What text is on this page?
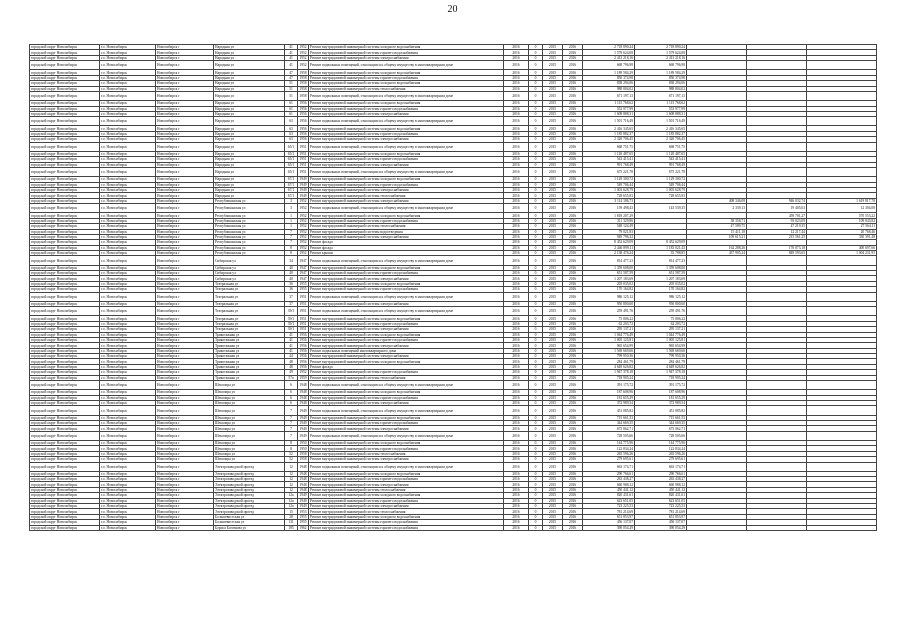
20
городской округ Новосибирск	г.о. Новосибирск	Новосибирск г	Народная ул	41	1952	Ремонт внутридомовой инженерной системы холодного водоснабжения	2016	0	2015	2016	2 718 890,24	2 718 890,24			
городской округ Новосибирск	г.о. Новосибирск	Новосибирск г	Народная ул	41	1952	Ремонт внутридомовой инженерной системы горячего водоснабжения	2016	0	2015	2016	1 579 624,08	1 579 624,08			
городской округ Новосибирск	г.о. Новосибирск	Новосибирск г	Народная ул	41	1952	Ремонт внутридомовой инженерной системы электроснабжения	2016	0	2015	2016	2 413 218,16	2 413 218,16			
городской округ Новосибирск	г.о. Новосибирск	Новосибирск г	Народная ул	41	1952	Ремонт подвальных помещений, относящихся к общему имуществу в многоквартирном доме	2016	0	2015	2016	668 796,98	668 796,98			
городской округ Новосибирск	г.о. Новосибирск	Новосибирск г	Народная ул	47	1958	Ремонт внутридомовой инженерной системы холодного водоснабжения	2016	0	2015	2016	1 189 584,29	1 189 584,29			
городской округ Новосибирск	г.о. Новосибирск	Новосибирск г	Народная ул	47	1958	Ремонт внутридомовой инженерной системы горячего водоснабжения	2016	0	2015	2016	850 374,98	850 374,98			
городской округ Новосибирск	г.о. Новосибирск	Новосибирск г	Народная ул	51	1958	Ремонт внутридомовой инженерной системы холодного водоснабжения	2016	0	2015	2016	838 294,06	838 294,06			
городской округ Новосибирск	г.о. Новосибирск	Новосибирск г	Народная ул	51	1958	Ремонт внутридомовой инженерной системы теплоснабжения	2016	0	2015	2016	988 804,02	988 804,02			
городской округ Новосибирск	г.о. Новосибирск	Новосибирск г	Народная ул	51	1958	Ремонт подвальных помещений, относящихся к общему имуществу в многоквартирном доме	2016	0	2015	2016	671 197,13	671 197,13			
городской округ Новосибирск	г.о. Новосибирск	Новосибирск г	Народная ул	61	1956	Ремонт внутридомовой инженерной системы холодного водоснабжения	2016	0	2015	2016	1 115 768,62	1 115 768,62			
городской округ Новосибирск	г.о. Новосибирск	Новосибирск г	Народная ул	61	1956	Ремонт внутридомовой инженерной системы горячего водоснабжения	2016	0	2015	2016	553 977,99	553 977,99			
городской округ Новосибирск	г.о. Новосибирск	Новосибирск г	Народная ул	61	1956	Ремонт внутридомовой инженерной системы электроснабжения	2016	0	2015	2016	1 608 888,31	1 608 888,31			
городской округ Новосибирск	г.о. Новосибирск	Новосибирск г	Народная ул	63	1956	Ремонт подвальных помещений, относящихся к общему имуществу в многоквартирном доме	2016	0	2015	2016	1 501 716,49	1 501 716,49			
городской округ Новосибирск	г.о. Новосибирск	Новосибирск г	Народная ул	63	1956	Ремонт внутридомовой инженерной системы холодного водоснабжения	2016	0	2015	2016	2 416 345,65	2 416 345,65			
городской округ Новосибирск	г.о. Новосибирск	Новосибирск г	Народная ул	63	1956	Ремонт внутридомовой инженерной системы горячего водоснабжения	2016	0	2015	2016	1 185 882,37	1 185 882,37			
городской округ Новосибирск	г.о. Новосибирск	Новосибирск г	Народная ул	63	1956	Ремонт внутридомовой инженерной системы электроснабжения	2016	0	2015	2016	2 320 706,45	2 320 706,45			
городской округ Новосибирск	г.о. Новосибирск	Новосибирск г	Народная ул	65/1	1951	Ремонт подвальных помещений, относящихся к общему имуществу в многоквартирном доме	2016	0	2015	2016	668 751,75	668 751,75			
городской округ Новосибирск	г.о. Новосибирск	Новосибирск г	Народная ул	65/1	1951	Ремонт внутридомовой инженерной системы холодного водоснабжения	2016	0	2015	2016	1 120 487,65	1 120 487,65			
городской округ Новосибирск	г.о. Новосибирск	Новосибирск г	Народная ул	65/1	1951	Ремонт внутридомовой инженерной системы горячего водоснабжения	2016	0	2015	2016	543 415,41	543 415,41			
городской округ Новосибирск	г.о. Новосибирск	Новосибирск г	Народная ул	65/1	1951	Ремонт внутридомовой инженерной системы электроснабжения	2016	0	2015	2016	991 768,49	991 768,49			
городской округ Новосибирск	г.о. Новосибирск	Новосибирск г	Народная ул	65/1	1951	Ремонт подвальных помещений, относящихся к общему имуществу в многоквартирном доме	2016	0	2015	2016	675 221,78	675 221,78			
городской округ Новосибирск	г.о. Новосибирск	Новосибирск г	Народная ул	67/1	1949	Ремонт внутридомовой инженерной системы холодного водоснабжения	2016	0	2015	2016	1 129 300,72	1 129 300,72			
городской округ Новосибирск	г.о. Новосибирск	Новосибирск г	Народная ул	67/1	1949	Ремонт внутридомовой инженерной системы горячего водоснабжения	2016	0	2015	2016	549 706,44	549 706,44			
городской округ Новосибирск	г.о. Новосибирск	Новосибирск г	Народная ул	67/1	1949	Ремонт внутридомовой инженерной системы электроснабжения	2016	0	2015	2016	1 003 628,79	1 003 628,79			
городской округ Новосибирск	г.о. Новосибирск	Новосибирск г	Народная ул	67/1	1949	Ремонт внутридомовой инженерной системы теплоснабжения	2016	0	2015	2016	728 655,93	728 655,93			
городской округ Новосибирск	г.о. Новосибирск	Новосибирск г	Республиканская ул	3	1952	Ремонт внутридомовой инженерной системы электроснабжения	2016	0	2015	2016	3 114 186,73		408 346,08	946 032,74	1 619 817,78
городской округ Новосибирск	г.о. Новосибирск	Новосибирск г	Республиканская ул	3	1952	Ремонт подвальных помещений, относящихся к общему имуществу в многоквартирном доме	2016	0	2015	2016	159 498,43	143 539,35	2 339,13	19 405,03	12 304,08
городской округ Новосибирск	г.о. Новосибирск	Новосибирск г	Республиканская ул	1	1952	Ремонт внутридомовой инженерной системы холодного водоснабжения	2016	0	2015	2016	1 818 207,29			459 701,27	570 553,22
городской округ Новосибирск	г.о. Новосибирск	Новосибирск г	Республиканская ул	1	1952	Ремонт внутридомовой инженерной системы горячего водоснабжения	2016	0	2015	2016	311 329,86		58 358,71	93 023,09	109 845,82
городской округ Новосибирск	г.о. Новосибирск	Новосибирск г	Республиканская ул	1	1952	Ремонт внутридомовой инженерной системы теплоснабжения	2016	0	2015	2016	548 124,49		47 589,75	47 219,35	27 564,11
городской округ Новосибирск	г.о. Новосибирск	Новосибирск г	Республиканская ул	7	1952	Ремонт внутридомовой инженерной системы водоотведения	2016	0	2015	2016	79 021,83		15 411,18	12 217,44	20 768,46
городской округ Новосибирск	г.о. Новосибирск	Новосибирск г	Республиканская ул	7	1952	Ремонт внутридомовой инженерной системы электроснабжения	2016	0	2015	2016	949 796,32		109 615,21	215 561,25	330 391,48
городской округ Новосибирск	г.о. Новосибирск	Новосибирск г	Республиканская ул	7	1952	Ремонт фасада	2016	0	2015	2016	8 452 629,09	8 452 629,09			
городской округ Новосибирск	г.о. Новосибирск	Новосибирск г	Республиканская ул	8	1952	Ремонт фасада	2016	0	2015	2016	2 446 899,11	1 183 021,43	162 288,26	176 073,18	400 697,66
городской округ Новосибирск	г.о. Новосибирск	Новосибирск г	Республиканская ул	8	1952	Ремонт крыши	2016	0	2015	2016	2 138 476,24	35 788,85	457 905,24	849 593,65	1 004 231,95
городской округ Новосибирск	г.о. Новосибирск	Новосибирск г	Сибирская ул	34	1947	Ремонт подвальных помещений, относящихся к общему имуществу в многоквартирном доме	2016	0	2015	2016	814 477,23	814 477,23			
городской округ Новосибирск	г.о. Новосибирск	Новосибирск г	Сибирская ул	40	1947	Ремонт внутридомовой инженерной системы холодного водоснабжения	2016	0	2015	2016	1 359 608,00	1 359 608,00			
городской округ Новосибирск	г.о. Новосибирск	Новосибирск г	Сибирская ул	40	1947	Ремонт внутридомовой инженерной системы горячего водоснабжения	2016	0	2015	2016	651 587,59	651 587,59			
городской округ Новосибирск	г.о. Новосибирск	Новосибирск г	Сибирская ул	40	1947	Ремонт внутридомовой инженерной системы электроснабжения	2016	0	2015	2016	1 207 183,69	1 207 183,69			
городской округ Новосибирск	г.о. Новосибирск	Новосибирск г	Театральная ул	36	1955	Ремонт внутридомовой инженерной системы холодного водоснабжения	2016	0	2015	2016	205 035,02	205 035,02			
городской округ Новосибирск	г.о. Новосибирск	Новосибирск г	Театральная ул	36	1955	Ремонт внутридомовой инженерной системы горячего водоснабжения	2016	0	2015	2016	170 164,82	170 164,82			
городской округ Новосибирск	г.о. Новосибирск	Новосибирск г	Театральная ул	37	1951	Ремонт подвальных помещений, относящихся к общему имуществу в многоквартирном доме	2016	0	2015	2016	986 125,12	986 125,12			
городской округ Новосибирск	г.о. Новосибирск	Новосибирск г	Театральная ул	37	1951	Ремонт внутридомовой инженерной системы электроснабжения	2016	0	2015	2016	950 800,60	950 800,60			
городской округ Новосибирск	г.о. Новосибирск	Новосибирск г	Театральная ул	39/1	1951	Ремонт подвальных помещений, относящихся к общему имуществу в многоквартирном доме	2016	0	2015	2016	259 491,76	259 491,76			
городской округ Новосибирск	г.о. Новосибирск	Новосибирск г	Театральная ул	39/1	1951	Ремонт внутридомовой инженерной системы холодного водоснабжения	2016	0	2015	2016	75 806,22	75 806,22			
городской округ Новосибирск	г.о. Новосибирск	Новосибирск г	Театральная ул	39/1	1951	Ремонт внутридомовой инженерной системы горячего водоснабжения	2016	0	2015	2016	62 203,72	62 203,72			
городской округ Новосибирск	г.о. Новосибирск	Новосибирск г	Театральная ул	39/1	1951	Ремонт внутридомовой инженерной системы электроснабжения	2016	0	2015	2016	295 137,21	295 137,21			
городской округ Новосибирск	г.о. Новосибирск	Новосибирск г	Трикотажная ул	41	1956	Ремонт внутридомовой инженерной системы холодного водоснабжения	2016	0	2015	2016	1 044 776,49	1 044 776,49			
городской округ Новосибирск	г.о. Новосибирск	Новосибирск г	Трикотажная ул	41	1956	Ремонт внутридомовой инженерной системы горячего водоснабжения	2016	0	2015	2016	1 005 125,81	1 005 125,81			
городской округ Новосибирск	г.о. Новосибирск	Новосибирск г	Трикотажная ул	41	1956	Ремонт внутридомовой инженерной системы электроснабжения	2016	0	2015	2016	965 654,99	965 654,99			
городской округ Новосибирск	г.о. Новосибирск	Новосибирск г	Трикотажная ул	41	1956	Ремонт подвальных помещений многоквартирного дома	2016	0	2015	2016	1 569 669,66	1 569 669,66			
городской округ Новосибирск	г.о. Новосибирск	Новосибирск г	Трикотажная ул	44	1956	Ремонт внутридомовой инженерной системы электроснабжения	2016	0	2015	2016	799 950,36	799 950,36			
городской округ Новосибирск	г.о. Новосибирск	Новосибирск г	Трикотажная ул	48	1956	Ремонт внутридомовой инженерной системы холодного водоснабжения	2016	0	2015	2016	284 461,79	284 461,79			
городской округ Новосибирск	г.о. Новосибирск	Новосибирск г	Трикотажная ул	48	1956	Ремонт фасада	2016	0	2015	2016	4 649 626,82	4 649 626,82			
городской округ Новосибирск	г.о. Новосибирск	Новосибирск г	Трикотажная ул	49	1952	Ремонт внутридомовой инженерной системы горячего водоснабжения	2016	0	2015	2016	1 947 378,18	1 947 378,18			
городской округ Новосибирск	г.о. Новосибирск	Новосибирск г	Трикотажная ул	57а	1959	Ремонт внутридомовой инженерной системы теплоснабжения	2016	0	2015	2016	718 905,24	718 905,24			
городской округ Новосибирск	г.о. Новосибирск	Новосибирск г	Шекспира ул	6	1948	Ремонт подвальных помещений, относящихся к общему имуществу в многоквартирном доме	2016	0	2015	2016	391 175,72	391 175,72			
городской округ Новосибирск	г.о. Новосибирск	Новосибирск г	Шекспира ул	6	1948	Ремонт внутридомовой инженерной системы холодного водоснабжения	2016	0	2015	2016	187 608,96	187 608,96			
городской округ Новосибирск	г.о. Новосибирск	Новосибирск г	Шекспира ул	6	1948	Ремонт внутридомовой инженерной системы горячего водоснабжения	2016	0	2015	2016	181 655,29	181 655,29			
городской округ Новосибирск	г.о. Новосибирск	Новосибирск г	Шекспира ул	6	1948	Ремонт внутридомовой инженерной системы электроснабжения	2016	0	2015	2016	372 989,54	372 989,54			
городской округ Новосибирск	г.о. Новосибирск	Новосибирск г	Шекспира ул	7	1949	Ремонт подвальных помещений, относящихся к общему имуществу в многоквартирном доме	2016	0	2015	2016	451 085,82	451 085,82			
городской округ Новосибирск	г.о. Новосибирск	Новосибирск г	Шекспира ул	7	1949	Ремонт внутридомовой инженерной системы холодного водоснабжения	2016	0	2015	2016	715 661,53	715 661,53			
городской округ Новосибирск	г.о. Новосибирск	Новосибирск г	Шекспира ул	7	1949	Ремонт внутридомовой инженерной системы горячего водоснабжения	2016	0	2015	2016	344 669,35	344 669,35			
городской округ Новосибирск	г.о. Новосибирск	Новосибирск г	Шекспира ул	7	1949	Ремонт внутридомовой инженерной системы электроснабжения	2016	0	2015	2016	675 062,71	675 062,71			
городской округ Новосибирск	г.о. Новосибирск	Новосибирск г	Шекспира ул	7	1949	Ремонт подвальных помещений, относящихся к общему имуществу в многоквартирном доме	2016	0	2015	2016	728 505,66	728 505,66			
городской округ Новосибирск	г.о. Новосибирск	Новосибирск г	Шекспира ул	8	1950	Ремонт внутридомовой инженерной системы холодного водоснабжения	2016	0	2015	2016	144 775,96	144 775,96			
городской округ Новосибирск	г.о. Новосибирск	Новосибирск г	Шекспира ул	8	1950	Ремонт внутридомовой инженерной системы горячего водоснабжения	2016	0	2015	2016	122 834,24	122 834,24			
городской округ Новосибирск	г.о. Новосибирск	Новосибирск г	Шекспира ул	52	1958	Ремонт внутридомовой инженерной системы теплоснабжения	2016	0	2015	2016	265 596,26	265 596,26			
городской округ Новосибирск	г.о. Новосибирск	Новосибирск г	Шекспира ул	52	1958	Ремонт внутридомовой инженерной системы электроснабжения	2016	0	2015	2016	279 695,61	279 695,61			
городской округ Новосибирск	г.о. Новосибирск	Новосибирск г	Электрозаводской проезд	12	1948	Ремонт подвальных помещений, относящихся к общему имуществу в многоквартирном доме	2016	0	2015	2016	663 174,71	663 174,71			
городской округ Новосибирск	г.о. Новосибирск	Новосибирск г	Электрозаводской проезд	12	1948	Ремонт внутридомовой инженерной системы холодного водоснабжения	2016	0	2015	2016	290 766,61	290 766,61			
городской округ Новосибирск	г.о. Новосибирск	Новосибирск г	Электрозаводской проезд	12	1948	Ремонт внутридомовой инженерной системы горячего водоснабжения	2016	0	2015	2016	263 438,27	263 438,27			
городской округ Новосибирск	г.о. Новосибирск	Новосибирск г	Электрозаводской проезд	12	1948	Ремонт внутридомовой инженерной системы электроснабжения	2016	0	2015	2016	660 988,12	660 988,12			
городской округ Новосибирск	г.о. Новосибирск	Новосибирск г	Электрозаводской проезд	12	1948	Ремонт внутридомовой инженерной системы теплоснабжения	2016	0	2015	2016	450 441,12	450 441,12			
городской округ Новосибирск	г.о. Новосибирск	Новосибирск г	Электрозаводской проезд	12а	1949	Ремонт внутридомовой инженерной системы холодного водоснабжения	2016	0	2015	2016	820 431,61	820 431,61			
городской округ Новосибирск	г.о. Новосибирск	Новосибирск г	Электрозаводской проезд	12а	1949	Ремонт внутридомовой инженерной системы горячего водоснабжения	2016	0	2015	2016	623 651,05	623 651,05			
городской округ Новосибирск	г.о. Новосибирск	Новосибирск г	Электрозаводской проезд	12а	1949	Ремонт внутридомовой инженерной системы электроснабжения	2016	0	2015	2016	723 225,53	723 225,53			
городской округ Новосибирск	г.о. Новосибирск	Новосибирск г	Электрозаводской проезд	15	1953	Ремонт внутридомовой инженерной системы теплоснабжения	2016	0	2015	2016	781 214,69	781 214,69			
городской округ Новосибирск	г.о. Новосибирск	Новосибирск г	Большевистская ул	28	1955	Ремонт внутридомовой инженерной системы холодного водоснабжения	2016	0	2015	2016	651 853,97	651 853,97			
городской округ Новосибирск	г.о. Новосибирск	Новосибирск г	Большевистская ул	131	1955	Ремонт внутридомовой инженерной системы горячего водоснабжения	2016	0	2015	2016	456 137,07	456 137,07			
городской округ Новосибирск	г.о. Новосибирск	Новосибирск г	Бориса Богаткова ул	185	1962	Ремонт внутридомовой инженерной системы горячего водоснабжения	2016	0	2015	2016	390 054,29	390 054,29			
